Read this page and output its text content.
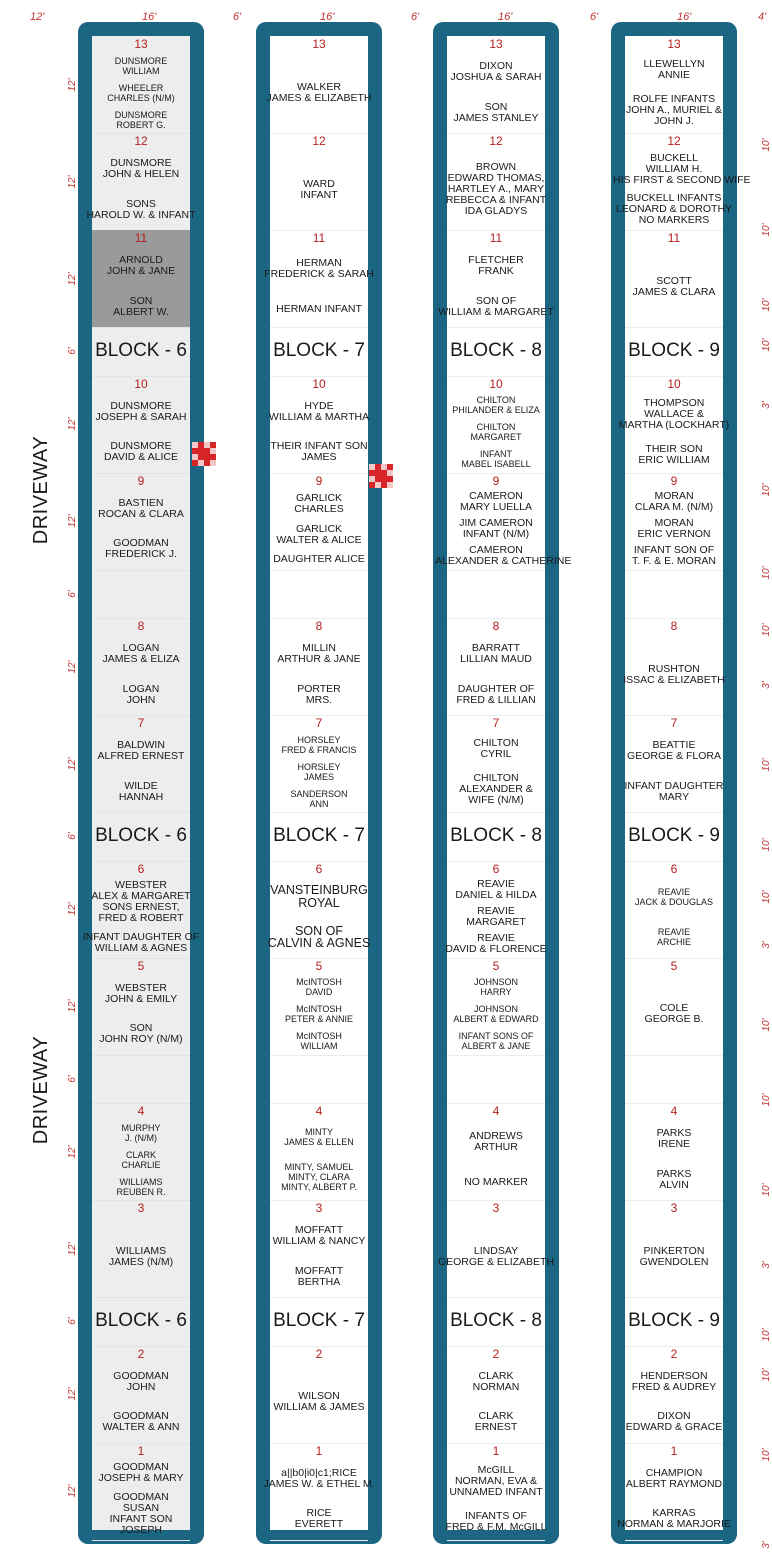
13
DUNSMORE
WILLIAM
WHEELER
CHARLES (N/M)
DUNSMORE
ROBERT G.
12
DUNSMORE
JOHN & HELEN
SONS
HAROLD W. & INFANT
11
ARNOLD
JOHN & JANE
SON
ALBERT W.
BLOCK - 6
10
DUNSMORE
JOSEPH & SARAH
DUNSMORE
DAVID & ALICE
9
BASTIEN
ROCAN & CLARA
GOODMAN
FREDERICK J.
8
LOGAN
JAMES & ELIZA
LOGAN
JOHN
7
BALDWIN
ALFRED ERNEST
WILDE
HANNAH
BLOCK - 6
6
WEBSTER
ALEX & MARGARET
SONS ERNEST,
FRED & ROBERT
INFANT DAUGHTER OF
WILLIAM & AGNES
5
WEBSTER
JOHN & EMILY
SON
JOHN ROY (N/M)
4
MURPHY
J. (N/M)
CLARK
CHARLIE
WILLIAMS
REUBEN R.
3
WILLIAMS
JAMES (N/M)
BLOCK - 6
2
GOODMAN
JOHN
GOODMAN
WALTER & ANN
1
GOODMAN
JOSEPH & MARY
GOODMAN
SUSAN
INFANT SON
JOSEPH
13
WALKER
JAMES & ELIZABETH
12
WARD
INFANT
11
HERMAN
FREDERICK & SARAH
HERMAN INFANT
BLOCK - 7
10
HYDE
WILLIAM & MARTHA
THEIR INFANT SON
JAMES
9
GARLICK
CHARLES
GARLICK
WALTER & ALICE
DAUGHTER ALICE
8
MILLIN
ARTHUR & JANE
PORTER
MRS.
7
HORSLEY
FRED & FRANCIS
HORSLEY
JAMES
SANDERSON
ANN
BLOCK - 7
6
VANSTEINBURG
ROYAL
SON OF
CALVIN & AGNES
5
McINTOSH
DAVID
McINTOSH
PETER & ANNIE
McINTOSH
WILLIAM
4
MINTY
JAMES & ELLEN
MINTY, SAMUEL
MINTY, CLARA
MINTY, ALBERT P.
3
MOFFATT
WILLIAM & NANCY
MOFFATT
BERTHA
BLOCK - 7
2
WILSON
WILLIAM & JAMES
1
a||b0|i0|c1;RICE
JAMES W. & ETHEL M.
RICE
EVERETT
13
DIXON
JOSHUA & SARAH
SON
JAMES STANLEY
12
BROWN
EDWARD THOMAS,
HARTLEY A., MARY
REBECCA & INFANT
IDA GLADYS
11
FLETCHER
FRANK
SON OF
WILLIAM & MARGARET
BLOCK - 8
10
CHILTON
PHILANDER & ELIZA
CHILTON
MARGARET
INFANT
MABEL ISABELL
9
CAMERON
MARY LUELLA
JIM CAMERON
INFANT (N/M)
CAMERON
ALEXANDER & CATHERINE
8
BARRATT
LILLIAN MAUD
DAUGHTER OF
FRED & LILLIAN
7
CHILTON
CYRIL
CHILTON
ALEXANDER &
WIFE (N/M)
BLOCK - 8
6
REAVIE
DANIEL & HILDA
REAVIE
MARGARET
REAVIE
DAVID & FLORENCE
5
JOHNSON
HARRY
JOHNSON
ALBERT & EDWARD
INFANT SONS OF
ALBERT & JANE
4
ANDREWS
ARTHUR
NO MARKER
3
LINDSAY
GEORGE & ELIZABETH
BLOCK - 8
2
CLARK
NORMAN
CLARK
ERNEST
1
McGILL
NORMAN, EVA &
UNNAMED INFANT
INFANTS OF
FRED & F.M. McGILL
13
LLEWELLYN
ANNIE
ROLFE INFANTS
JOHN A., MURIEL &
JOHN J.
12
BUCKELL
WILLIAM H.
HIS FIRST & SECOND WIFE
BUCKELL INFANTS
LEONARD & DOROTHY
NO MARKERS
11
SCOTT
JAMES & CLARA
BLOCK - 9
10
THOMPSON
WALLACE &
MARTHA (LOCKHART)
THEIR SON
ERIC WILLIAM
9
MORAN
CLARA M. (N/M)
MORAN
ERIC VERNON
INFANT SON OF
T. F. & E. MORAN
8
RUSHTON
ISSAC & ELIZABETH
7
BEATTIE
GEORGE & FLORA
INFANT DAUGHTER
MARY
BLOCK - 9
6
REAVIE
JACK & DOUGLAS
REAVIE
ARCHIE
5
COLE
GEORGE B.
4
PARKS
IRENE
PARKS
ALVIN
3
PINKERTON
GWENDOLEN
BLOCK - 9
2
HENDERSON
FRED & AUDREY
DIXON
EDWARD & GRACE
1
CHAMPION
ALBERT RAYMOND
KARRAS
NORMAN & MARJORIE
12'	16'	6'	16'	6'	16'	6'	16'	4'
12'
12'
12'
6'
12'
12'
6'
12'
12'
6'
12'
12'
6'
12'
12'
6'
12'
12'
10'
10'
10'
10'
3'
10'
10'
10'
3'
10'
10'
10'
3'
10'
10'
10'
3'
10'
10'
10'
3'
DRIVEWAY
DRIVEWAY
